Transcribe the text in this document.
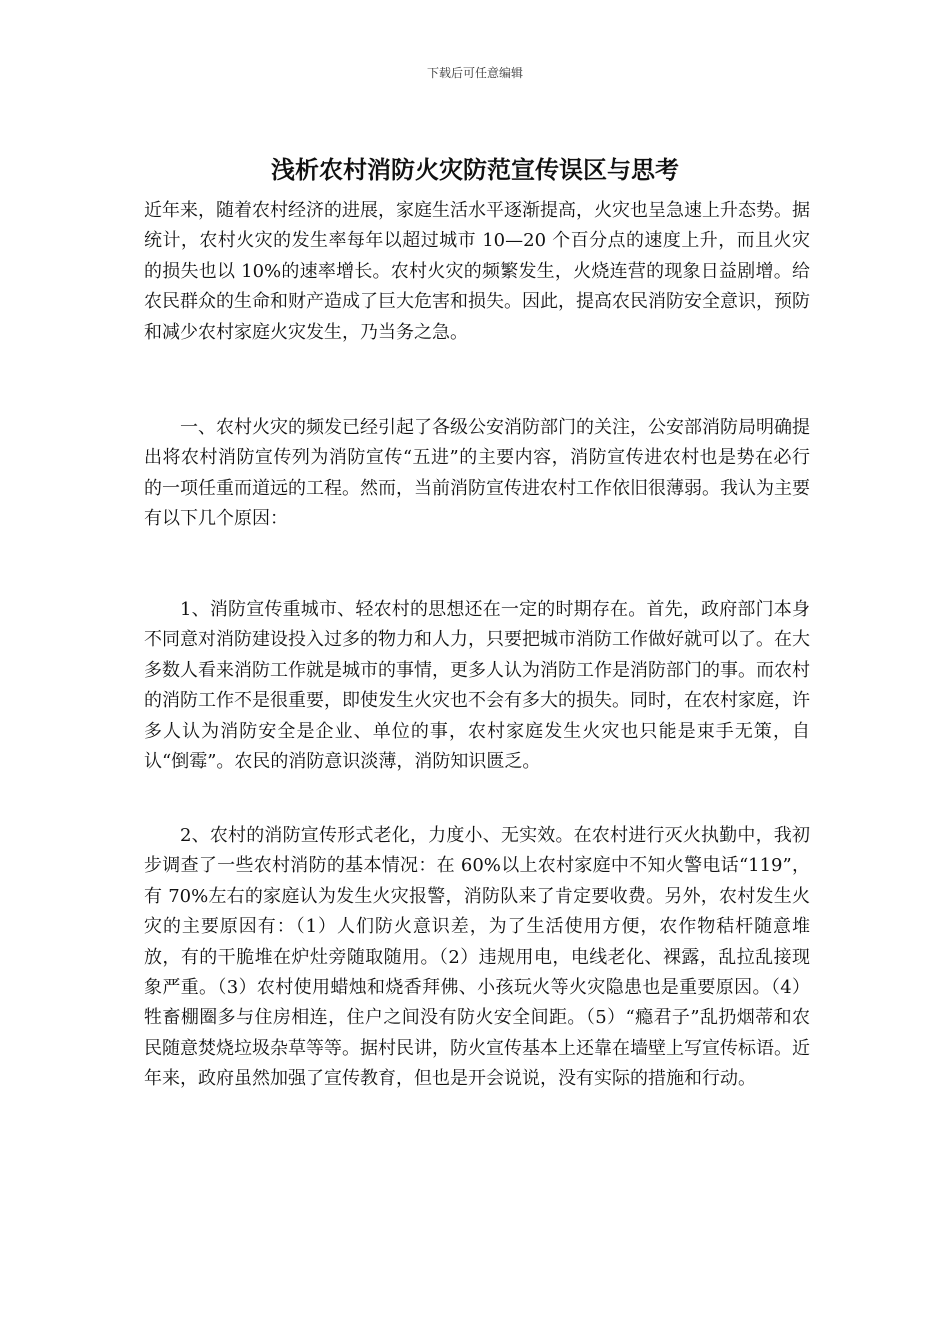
下载后可任意编辑
浅析农村消防火灾防范宣传误区与思考

近年来，随着农村经济的进展，家庭生活水平逐渐提高，火灾也呈急速上升态势。据统计，农村火灾的发生率每年以超过城市 10—20 个百分点的速度上升，而且火灾的损失也以 10%的速率增长。农村火灾的频繁发生，火烧连营的现象日益剧增。给农民群众的生命和财产造成了巨大危害和损失。因此，提高农民消防安全意识，预防和减少农村家庭火灾发生，乃当务之急。

一、农村火灾的频发已经引起了各级公安消防部门的关注，公安部消防局明确提出将农村消防宣传列为消防宣传“五进”的主要内容，消防宣传进农村也是势在必行的一项任重而道远的工程。然而，当前消防宣传进农村工作依旧很薄弱。我认为主要有以下几个原因：

1、消防宣传重城市、轻农村的思想还在一定的时期存在。首先，政府部门本身不同意对消防建设投入过多的物力和人力，只要把城市消防工作做好就可以了。在大多数人看来消防工作就是城市的事情，更多人认为消防工作是消防部门的事。而农村的消防工作不是很重要，即使发生火灾也不会有多大的损失。同时，在农村家庭，许多人认为消防安全是企业、单位的事，农村家庭发生火灾也只能是束手无策，自认“倒霉”。农民的消防意识淡薄，消防知识匮乏。

2、农村的消防宣传形式老化，力度小、无实效。在农村进行灭火执勤中，我初步调查了一些农村消防的基本情况：在 60%以上农村家庭中不知火警电话“119”，有 70%左右的家庭认为发生火灾报警，消防队来了肯定要收费。另外，农村发生火灾的主要原因有：（1）人们防火意识差，为了生活使用方便，农作物秸杆随意堆放，有的干脆堆在炉灶旁随取随用。（2）违规用电，电线老化、裸露，乱拉乱接现象严重。（3）农村使用蜡烛和烧香拜佛、小孩玩火等火灾隐患也是重要原因。（4）牲畜棚圈多与住房相连，住户之间没有防火安全间距。（5）“瘾君子”乱扔烟蒂和农民随意焚烧垃圾杂草等等。据村民讲，防火宣传基本上还靠在墙壁上写宣传标语。近年来，政府虽然加强了宣传教育，但也是开会说说，没有实际的措施和行动。
